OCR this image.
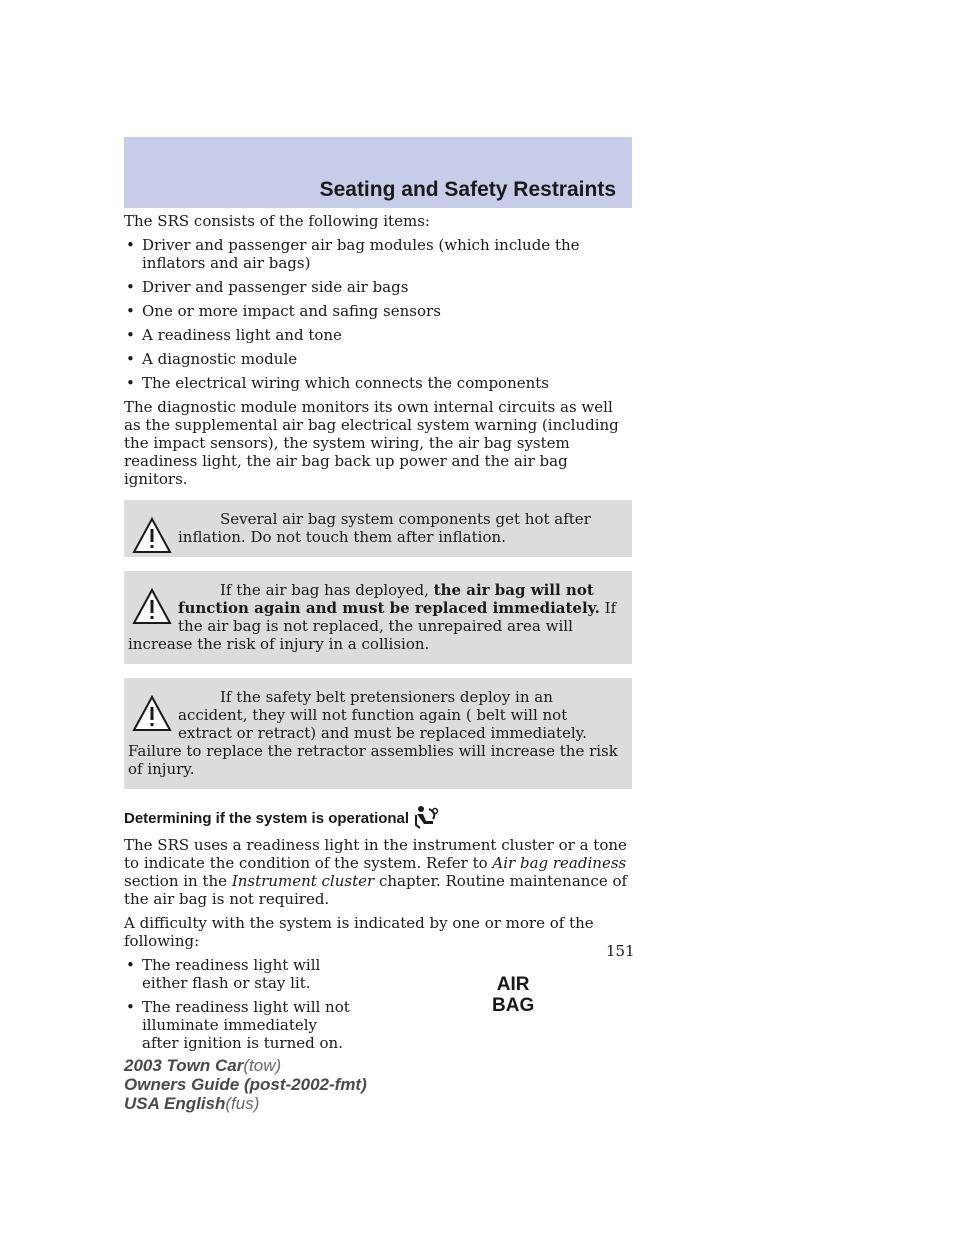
Seating and Safety Restraints

The SRS consists of the following items:

• Driver and passenger air bag modules (which include the inflators and air bags)
• Driver and passenger side air bags
• One or more impact and safing sensors
• A readiness light and tone
• A diagnostic module
• The electrical wiring which connects the components

The diagnostic module monitors its own internal circuits as well as the supplemental air bag electrical system warning (including the impact sensors), the system wiring, the air bag system readiness light, the air bag back up power and the air bag ignitors.

Several air bag system components get hot after inflation. Do not touch them after inflation.
If the air bag has deployed, the air bag will not function again and must be replaced immediately. If the air bag is not replaced, the unrepaired area will increase the risk of injury in a collision.
If the safety belt pretensioners deploy in an accident, they will not function again ( belt will not extract or retract) and must be replaced immediately. Failure to replace the retractor assemblies will increase the risk of injury.
Determining if the system is operational

The SRS uses a readiness light in the instrument cluster or a tone to indicate the condition of the system. Refer to Air bag readiness section in the Instrument cluster chapter. Routine maintenance of the air bag is not required.

A difficulty with the system is indicated by one or more of the following:

• The readiness light will either flash or stay lit.
• The readiness light will not illuminate immediately after ignition is turned on.
AIR
BAG
151
2003 Town Car(tow)
Owners Guide (post-2002-fmt)
USA English(fus)
